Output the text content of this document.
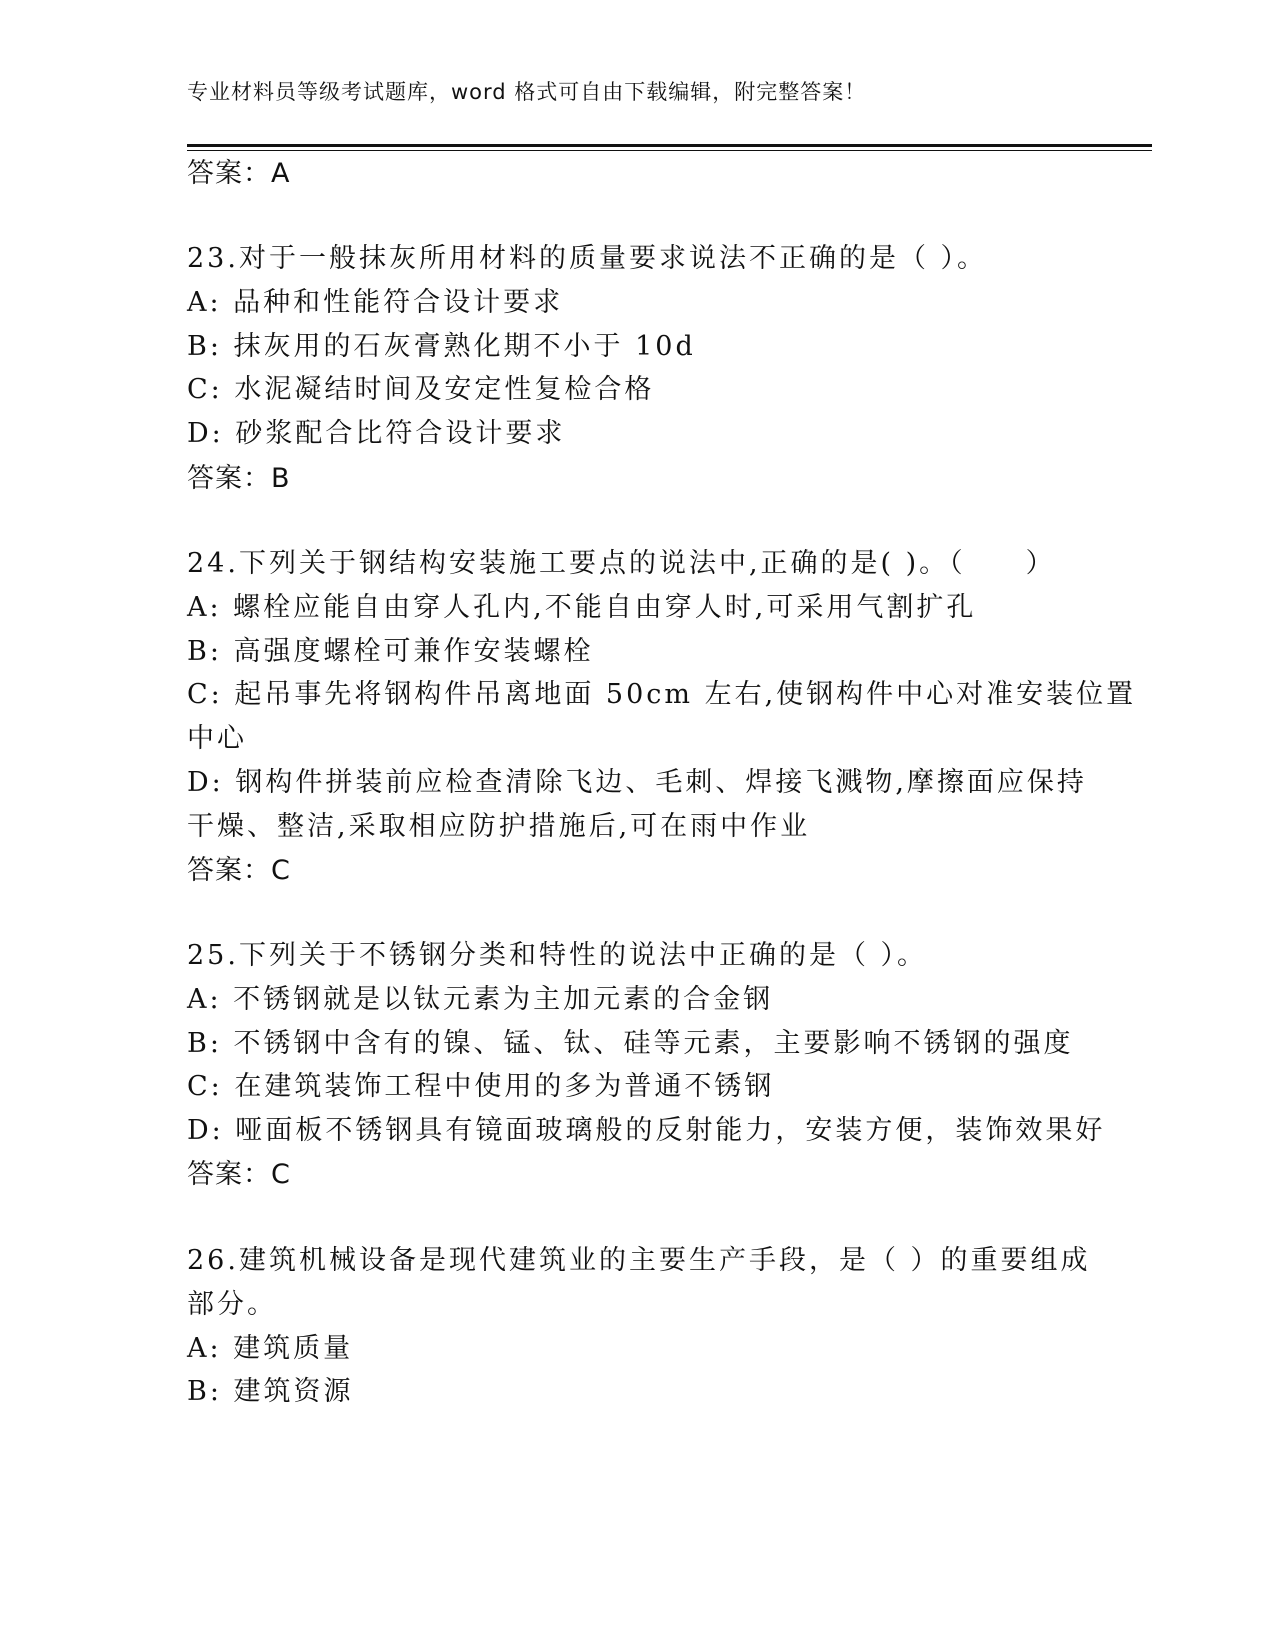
专业材料员等级考试题库，word 格式可自由下载编辑，附完整答案！
答案：A
23.对于一般抹灰所用材料的质量要求说法不正确的是（ ）。
A: 品种和性能符合设计要求
B: 抹灰用的石灰膏熟化期不小于 10d
C: 水泥凝结时间及安定性复检合格
D: 砂浆配合比符合设计要求
答案：B
24.下列关于钢结构安装施工要点的说法中,正确的是( )。（　　）
A: 螺栓应能自由穿人孔内,不能自由穿人时,可采用气割扩孔
B: 高强度螺栓可兼作安装螺栓
C: 起吊事先将钢构件吊离地面 50cm 左右,使钢构件中心对准安装位置
中心
D: 钢构件拼装前应检查清除飞边、毛刺、焊接飞溅物,摩擦面应保持
干燥、整洁,采取相应防护措施后,可在雨中作业
答案：C
25.下列关于不锈钢分类和特性的说法中正确的是（ ）。
A: 不锈钢就是以钛元素为主加元素的合金钢
B: 不锈钢中含有的镍、锰、钛、硅等元素，主要影响不锈钢的强度
C: 在建筑装饰工程中使用的多为普通不锈钢
D: 哑面板不锈钢具有镜面玻璃般的反射能力，安装方便，装饰效果好
答案：C
26.建筑机械设备是现代建筑业的主要生产手段，是（ ）的重要组成
部分。
A: 建筑质量
B: 建筑资源
